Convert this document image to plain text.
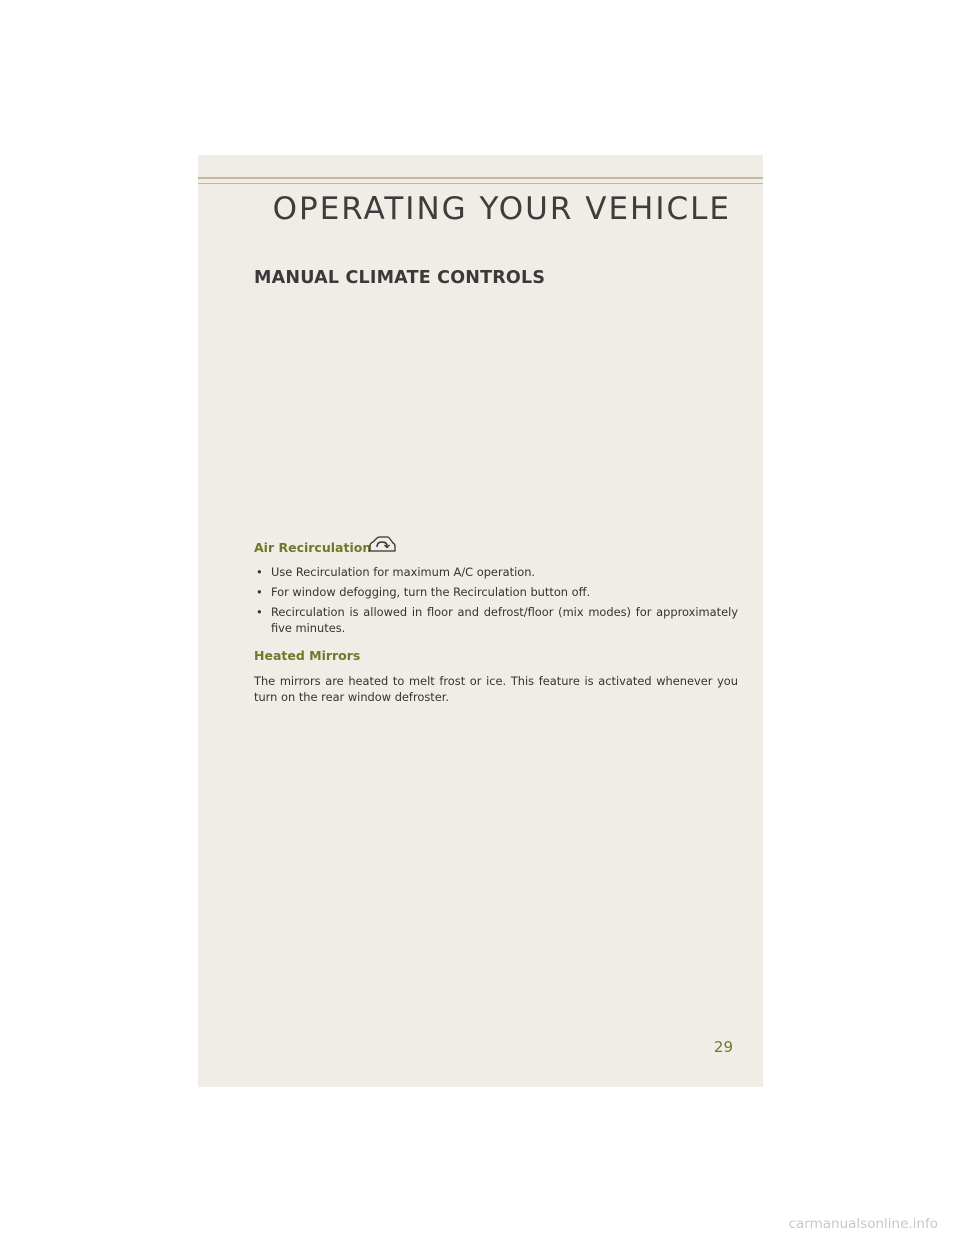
OPERATING YOUR VEHICLE
MANUAL CLIMATE CONTROLS
Air Recirculation
• Use Recirculation for maximum A/C operation.
• For window defogging, turn the Recirculation button off.
• Recirculation is allowed in floor and defrost/floor (mix modes) for approximately five minutes.
Heated Mirrors

The mirrors are heated to melt frost or ice. This feature is activated whenever you turn on the rear window defroster.

29

carmanualsonline.info
